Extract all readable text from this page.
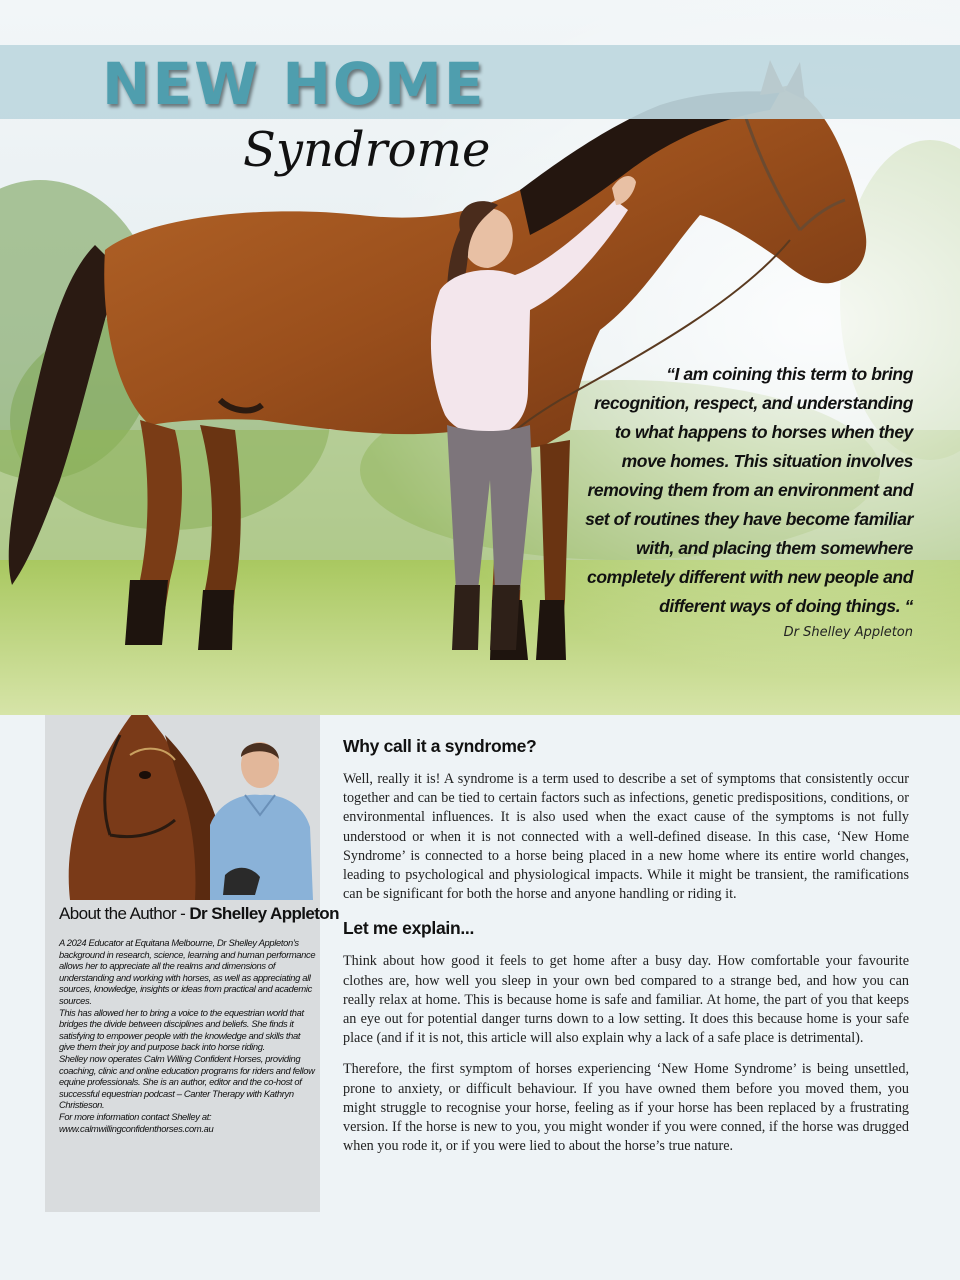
NEW HOME
Syndrome

“I am coining this term to bring recognition, respect, and understanding to what happens to horses when they move homes. This situation involves removing them from an environment and set of routines they have become familiar with, and placing them somewhere completely different with new people and different ways of doing things. “

Dr Shelley Appleton

About the Author - Dr Shelley Appleton

A 2024 Educator at Equitana Melbourne, Dr Shelley Appleton’s background in research, science, learning and human performance allows her to appreciate all the realms and dimensions of understanding and working with horses, as well as appreciating all sources, knowledge, insights or ideas from practical and academic sources.

This has allowed her to bring a voice to the equestrian world that bridges the divide between disciplines and beliefs. She finds it satisfying to empower people with the knowledge and skills that give them their joy and purpose back into horse riding.

Shelley now operates Calm Willing Confident Horses, providing coaching, clinic and online education programs for riders and fellow equine professionals. She is an author, editor and the co-host of successful equestrian podcast – Canter Therapy with Kathryn Christieson.

For more information contact Shelley at:

www.calmwillingconfidenthorses.com.au

Why call it a syndrome?

Well, really it is! A syndrome is a term used to describe a set of symptoms that consistently occur together and can be tied to certain factors such as infections, genetic predispositions, conditions, or environmental influences. It is also used when the exact cause of the symptoms is not fully understood or when it is not connected with a well-defined disease. In this case, ‘New Home Syndrome’ is connected to a horse being placed in a new home where its entire world changes, leading to psychological and physiological impacts. While it might be transient, the ramifications can be significant for both the horse and anyone handling or riding it.

Let me explain...

Think about how good it feels to get home after a busy day. How comfortable your favourite clothes are, how well you sleep in your own bed compared to a strange bed, and how you can really relax at home. This is because home is safe and familiar. At home, the part of you that keeps an eye out for potential danger turns down to a low setting. It does this because home is your safe place (and if it is not, this article will also explain why a lack of a safe place is detrimental).

Therefore, the first symptom of horses experiencing ‘New Home Syndrome’ is being unsettled, prone to anxiety, or difficult behaviour. If you have owned them before you moved them, you might struggle to recognise your horse, feeling as if your horse has been replaced by a frustrating version. If the horse is new to you, you might wonder if you were conned, if the horse was drugged when you rode it, or if you were lied to about the horse’s true nature.
